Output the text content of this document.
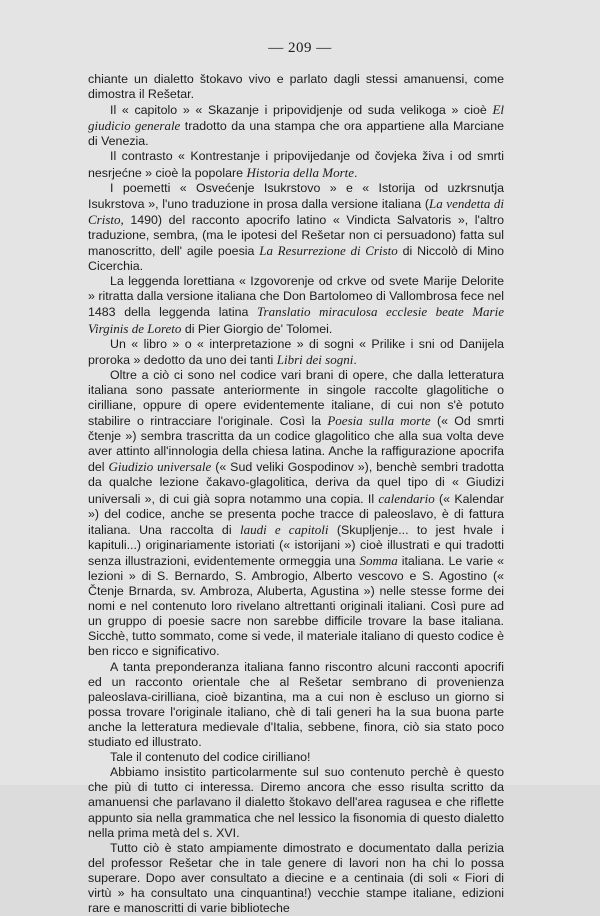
— 209 —

chiante un dialetto štokavo vivo e parlato dagli stessi amanuensi, come dimostra il Rešetar.

Il « capitolo » « Skazanje i pripovidjenje od suda velikoga » cioè El giudicio generale tradotto da una stampa che ora appartiene alla Marciane di Venezia.

Il contrasto « Kontrestanje i pripovijedanje od čovjeka živa i od smrti nesrjećne » cioè la popolare Historia della Morte.

I poemetti « Osvećenje Isukrstovo » e « Istorija od uzkrsnutja Isukrstova », l'uno traduzione in prosa dalla versione italiana (La vendetta di Cristo, 1490) del racconto apocrifo latino « Vindicta Salvatoris », l'altro traduzione, sembra, (ma le ipotesi del Rešetar non ci persuadono) fatta sul manoscritto, dell' agile poesia La Resurrezione di Cristo di Niccolò di Mino Cicerchia.

La leggenda lorettiana « Izgovorenje od crkve od svete Marije Delorite » ritratta dalla versione italiana che Don Bartolomeo di Vallombrosa fece nel 1483 della leggenda latina Translatio miraculosa ecclesie beate Marie Virginis de Loreto di Pier Giorgio de' Tolomei.

Un « libro » o « interpretazione » di sogni « Prilike i sni od Danijela proroka » dedotto da uno dei tanti Libri dei sogni.

Oltre a ciò ci sono nel codice vari brani di opere, che dalla letteratura italiana sono passate anteriormente in singole raccolte glagolitiche o cirilliane, oppure di opere evidentemente italiane, di cui non s'è potuto stabilire o rintracciare l'originale. Così la Poesia sulla morte (« Od smrti čtenje ») sembra trascritta da un codice glagolitico che alla sua volta deve aver attinto all'innologia della chiesa latina. Anche la raffigurazione apocrifa del Giudizio universale (« Sud veliki Gospodinov »), benchè sembri tradotta da qualche lezione čakavo-glagolitica, deriva da quel tipo di « Giudizi universali », di cui già sopra notammo una copia. Il calendario (« Kalendar ») del codice, anche se presenta poche tracce di paleoslavo, è di fattura italiana. Una raccolta di laudi e capitoli (Skupljenje... to jest hvale i kapituli...) originariamente istoriati (« istorijani ») cioè illustrati e qui tradotti senza illustrazioni, evidentemente ormeggia una Somma italiana. Le varie « lezioni » di S. Bernardo, S. Ambrogio, Alberto vescovo e S. Agostino (« Čtenje Brnarda, sv. Ambroza, Aluberta, Agustina ») nelle stesse forme dei nomi e nel contenuto loro rivelano altrettanti originali italiani. Così pure ad un gruppo di poesie sacre non sarebbe difficile trovare la base italiana. Sicchè, tutto sommato, come si vede, il materiale italiano di questo codice è ben ricco e significativo.

A tanta preponderanza italiana fanno riscontro alcuni racconti apocrifi ed un racconto orientale che al Rešetar sembrano di provenienza paleoslava-cirilliana, cioè bizantina, ma a cui non è escluso un giorno si possa trovare l'originale italiano, chè di tali generi ha la sua buona parte anche la letteratura medievale d'Italia, sebbene, finora, ciò sia stato poco studiato ed illustrato.

Tale il contenuto del codice cirilliano!

Abbiamo insistito particolarmente sul suo contenuto perchè è questo che più di tutto ci interessa. Diremo ancora che esso risulta scritto da amanuensi che parlavano il dialetto štokavo dell'area ragusea e che riflette appunto sia nella grammatica che nel lessico la fisonomia di questo dialetto nella prima metà del s. XVI.

Tutto ciò è stato ampiamente dimostrato e documentato dalla perizia del professor Rešetar che in tale genere di lavori non ha chi lo possa superare. Dopo aver consultato a diecine e a centinaia (di soli « Fiori di virtù » ha consultato una cinquantina!) vecchie stampe italiane, edizioni rare e manoscritti di varie biblioteche
